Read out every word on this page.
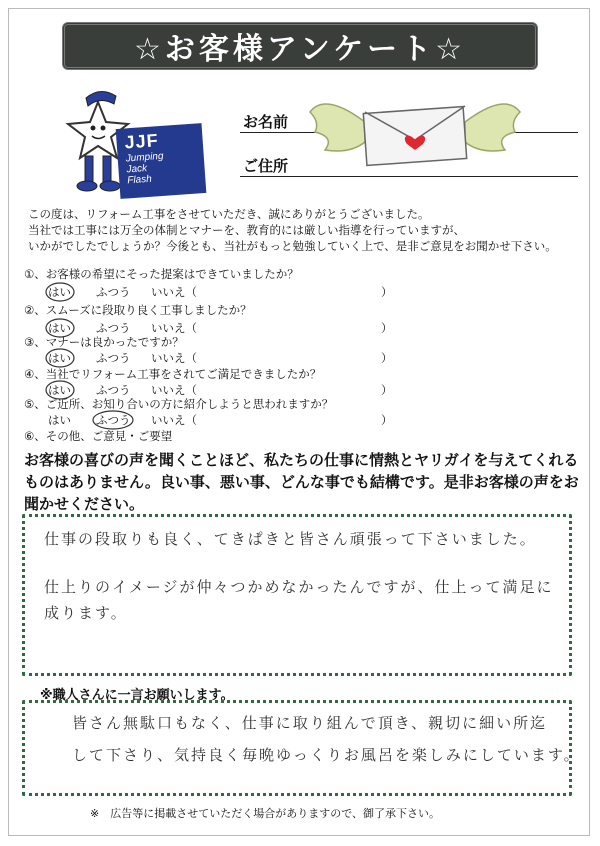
☆お客様アンケート☆
JJF
Jumping
Jack
Flash
お名前
ご住所

この度は、リフォーム工事をさせていただき、誠にありがとうございました。

当社では工事には万全の体制とマナーを、教育的には厳しい指導を行っていますが、

いかがでしたでしょうか？今後とも、当社がもっと勉強していく上で、是非ご意見をお聞かせ下さい。

①、お客様の希望にそった提案はできていましたか？
はい	ふつう	いいえ（	）
②、スムーズに段取り良く工事しましたか？
はい	ふつう	いいえ（	）
③、マナーは良かったですか？
はい	ふつう	いいえ（	）
④、当社でリフォーム工事をされてご満足できましたか？
はい	ふつう	いいえ（	）
⑤、ご近所、お知り合いの方に紹介しようと思われますか？
はい	ふつう	いいえ（	）
⑥、その他、ご意見・ご要望
お客様の喜びの声を聞くことほど、私たちの仕事に情熱とヤリガイを与えてくれるものはありません。良い事、悪い事、どんな事でも結構です。是非お客様の声をお聞かせください。
仕事の段取りも良く、てきぱきと皆さん頑張って下さいました。
仕上りのイメージが仲々つかめなかったんですが、仕上って満足に
成ります。
※職人さんに一言お願いします。
皆さん無駄口もなく、仕事に取り組んで頂き、親切に細い所迄
して下さり、気持良く毎晩ゆっくりお風呂を楽しみにしています。
※　広告等に掲載させていただく場合がありますので、御了承下さい。
